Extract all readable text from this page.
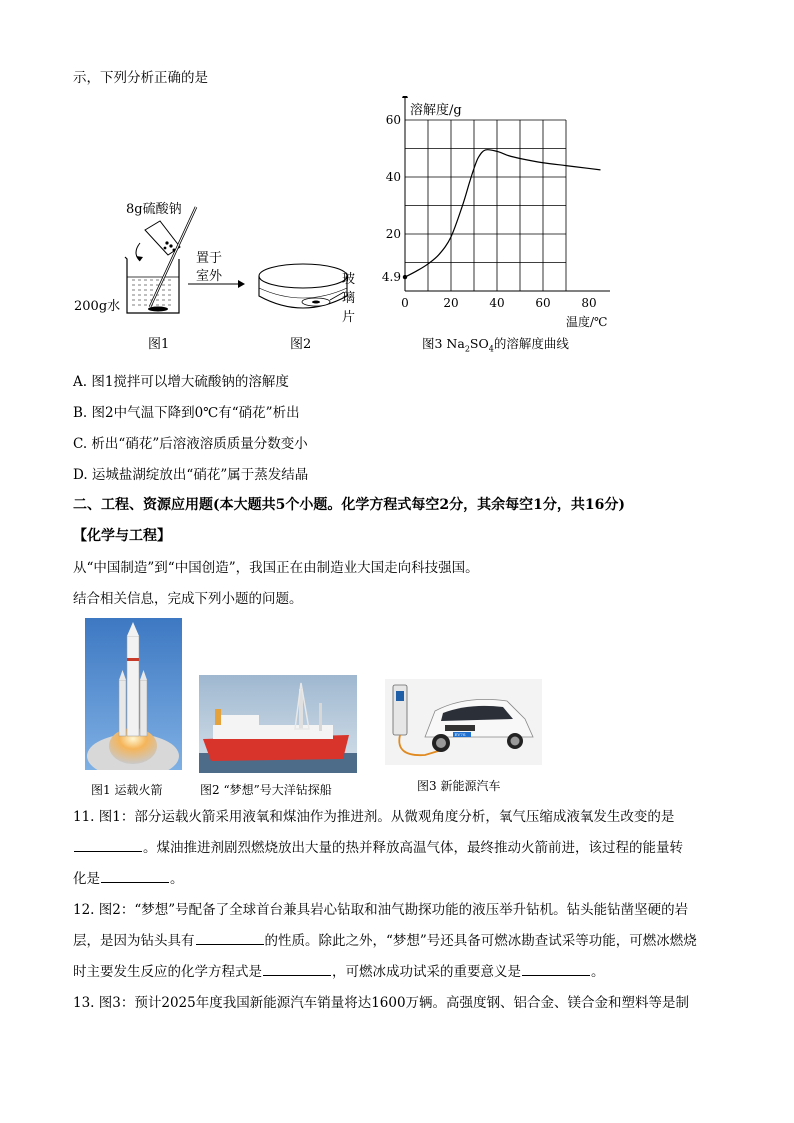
示，下列分析正确的是
8g硫酸钠
200g水
置于
室外
图1
玻
璃
片
图2
0	20	40	60	80
4.9
20
40
60
溶解度/g
温度/℃
图3 $Na_2SO_4$的溶解度曲线
A. 图1搅拌可以增大硫酸钠的溶解度
B. 图2中气温下降到0℃有“硝花”析出
C. 析出“硝花”后溶液溶质质量分数变小
D. 运城盐湖绽放出“硝花”属于蒸发结晶
二、工程、资源应用题(本大题共5个小题。化学方程式每空2分，其余每空1分，共16分)
【化学与工程】
从“中国制造”到“中国创造”，我国正在由制造业大国走向科技强国。
结合相关信息，完成下列小题的问题。
EV7S
图1 运载火箭	图2 “梦想”号大洋钻探船	图3 新能源汽车
11. 图1：部分运载火箭采用液氧和煤油作为推进剂。从微观角度分析，氧气压缩成液氧发生改变的是
。煤油推进剂剧烈燃烧放出大量的热并释放高温气体，最终推动火箭前进，该过程的能量转
化是	。
12. 图2：“梦想”号配备了全球首台兼具岩心钻取和油气勘探功能的液压举升钻机。钻头能钻凿坚硬的岩
层，是因为钻头具有	的性质。除此之外，“梦想”号还具备可燃冰勘查试采等功能，可燃冰燃烧
时主要发生反应的化学方程式是	，可燃冰成功试采的重要意义是	。
13. 图3：预计2025年度我国新能源汽车销量将达1600万辆。高强度钢、铝合金、镁合金和塑料等是制
